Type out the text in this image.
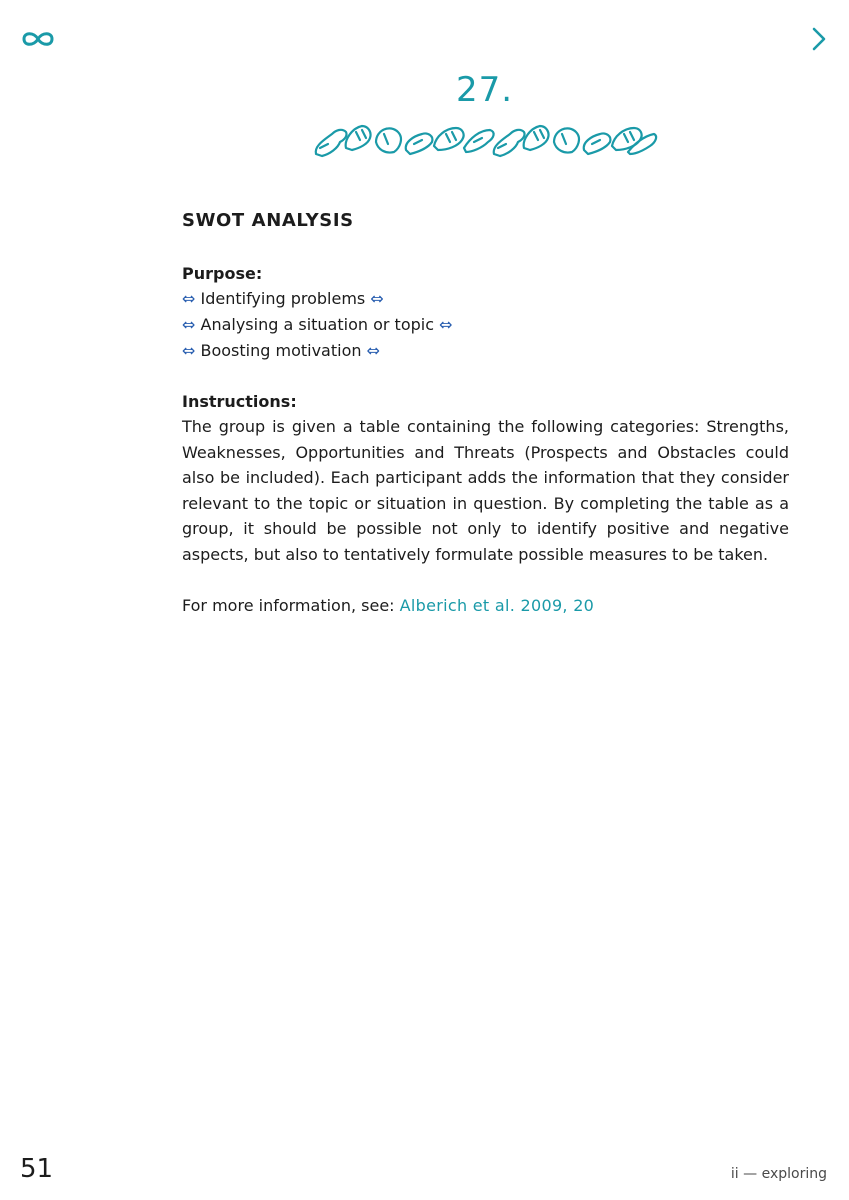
27.
SWOT ANALYSIS

Purpose:

⇔ Identifying problems ⇔
⇔ Analysing a situation or topic ⇔
⇔ Boosting motivation ⇔

Instructions:

The group is given a table containing the following categories: Strengths, Weaknesses, Opportunities and Threats (Prospects and Obstacles could also be included). Each participant adds the information that they consider relevant to the topic or situation in question. By completing the table as a group, it should be possible not only to identify positive and negative aspects, but also to tentatively formulate possible measures to be taken.

For more information, see: Alberich et al. 2009, 20
51	ii — exploring
